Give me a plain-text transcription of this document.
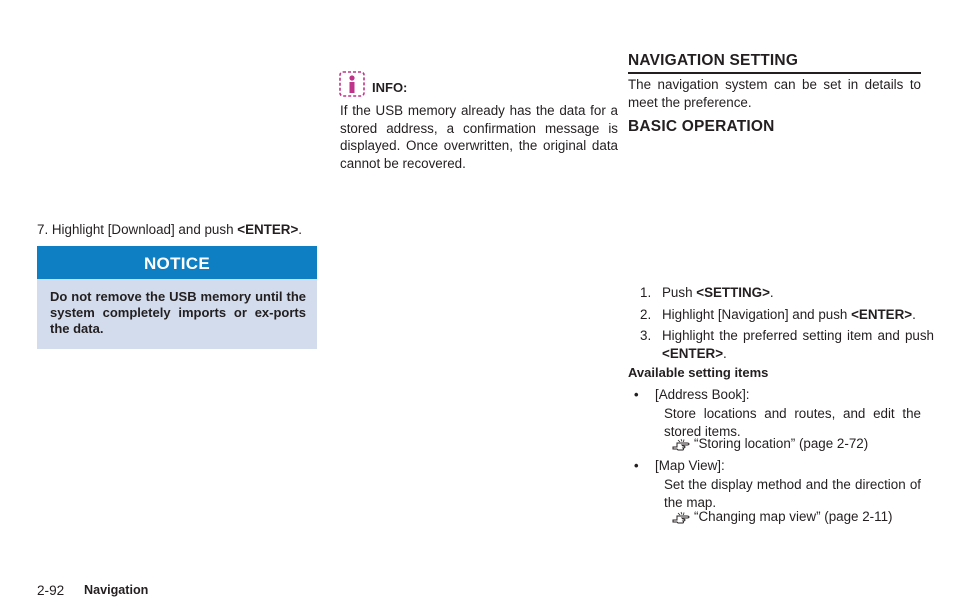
7. Highlight [Download] and push <ENTER>.
NOTICE
Do not remove the USB memory until the system completely imports or ex-ports the data.
INFO:
If the USB memory already has the data for a stored address, a confirmation message is displayed. Once overwritten, the original data cannot be recovered.
NAVIGATION SETTING
The navigation system can be set in details to meet the preference.
BASIC OPERATION
1. Push <SETTING>.
2. Highlight [Navigation] and push <ENTER>.
3. Highlight the preferred setting item and push <ENTER>.
Available setting items
• [Address Book]:
Store locations and routes, and edit the stored items.
“Storing location” (page 2-72)
• [Map View]:
Set the display method and the direction of the map.
“Changing map view” (page 2-11)
2-92 Navigation
